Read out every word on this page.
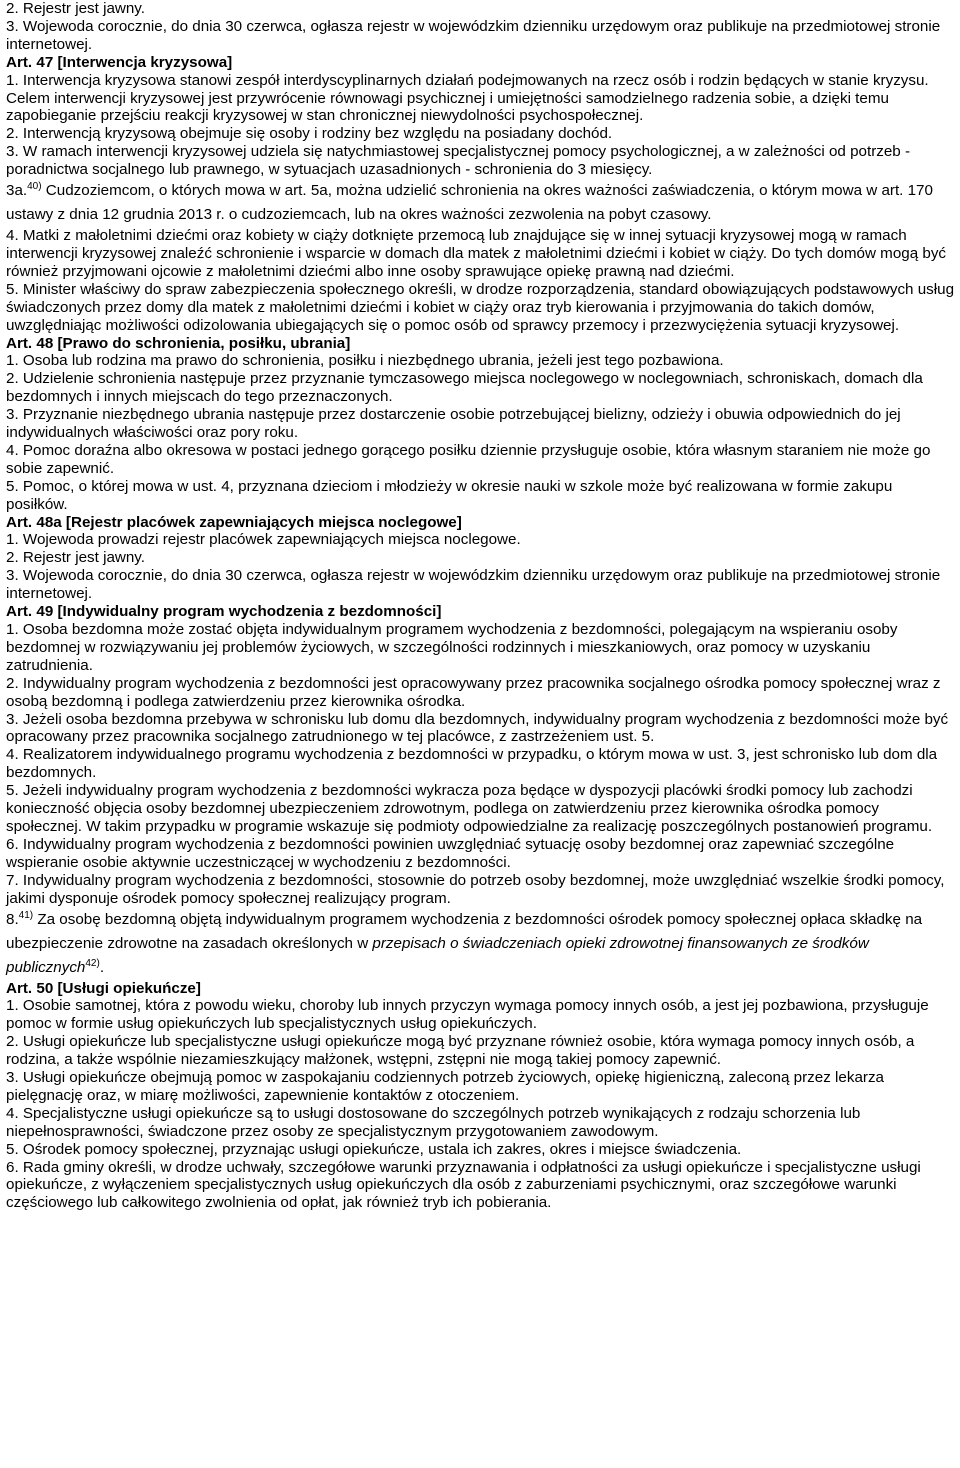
2. Rejestr jest jawny.

3. Wojewoda corocznie, do dnia 30 czerwca, ogłasza rejestr w wojewódzkim dzienniku urzędowym oraz publikuje na przedmiotowej stronie internetowej.

Art. 47 [Interwencja kryzysowa]

1. Interwencja kryzysowa stanowi zespół interdyscyplinarnych działań podejmowanych na rzecz osób i rodzin będących w stanie kryzysu. Celem interwencji kryzysowej jest przywrócenie równowagi psychicznej i umiejętności samodzielnego radzenia sobie, a dzięki temu zapobieganie przejściu reakcji kryzysowej w stan chronicznej niewydolności psychospołecznej.

2. Interwencją kryzysową obejmuje się osoby i rodziny bez względu na posiadany dochód.

3. W ramach interwencji kryzysowej udziela się natychmiastowej specjalistycznej pomocy psychologicznej, a w zależności od potrzeb - poradnictwa socjalnego lub prawnego, w sytuacjach uzasadnionych - schronienia do 3 miesięcy.

3a.$^{40)}$ Cudzoziemcom, o których mowa w art. 5a, można udzielić schronienia na okres ważności zaświadczenia, o którym mowa w art. 170 ustawy z dnia 12 grudnia 2013 r. o cudzoziemcach, lub na okres ważności zezwolenia na pobyt czasowy.

4. Matki z małoletnimi dziećmi oraz kobiety w ciąży dotknięte przemocą lub znajdujące się w innej sytuacji kryzysowej mogą w ramach interwencji kryzysowej znaleźć schronienie i wsparcie w domach dla matek z małoletnimi dziećmi i kobiet w ciąży. Do tych domów mogą być również przyjmowani ojcowie z małoletnimi dziećmi albo inne osoby sprawujące opiekę prawną nad dziećmi.

5. Minister właściwy do spraw zabezpieczenia społecznego określi, w drodze rozporządzenia, standard obowiązujących podstawowych usług świadczonych przez domy dla matek z małoletnimi dziećmi i kobiet w ciąży oraz tryb kierowania i przyjmowania do takich domów, uwzględniając możliwości odizolowania ubiegających się o pomoc osób od sprawcy przemocy i przezwyciężenia sytuacji kryzysowej.

Art. 48 [Prawo do schronienia, posiłku, ubrania]

1. Osoba lub rodzina ma prawo do schronienia, posiłku i niezbędnego ubrania, jeżeli jest tego pozbawiona.

2. Udzielenie schronienia następuje przez przyznanie tymczasowego miejsca noclegowego w noclegowniach, schroniskach, domach dla bezdomnych i innych miejscach do tego przeznaczonych.

3. Przyznanie niezbędnego ubrania następuje przez dostarczenie osobie potrzebującej bielizny, odzieży i obuwia odpowiednich do jej indywidualnych właściwości oraz pory roku.

4. Pomoc doraźna albo okresowa w postaci jednego gorącego posiłku dziennie przysługuje osobie, która własnym staraniem nie może go sobie zapewnić.

5. Pomoc, o której mowa w ust. 4, przyznana dzieciom i młodzieży w okresie nauki w szkole może być realizowana w formie zakupu posiłków.

Art. 48a [Rejestr placówek zapewniających miejsca noclegowe]

1. Wojewoda prowadzi rejestr placówek zapewniających miejsca noclegowe.

2. Rejestr jest jawny.

3. Wojewoda corocznie, do dnia 30 czerwca, ogłasza rejestr w wojewódzkim dzienniku urzędowym oraz publikuje na przedmiotowej stronie internetowej.

Art. 49 [Indywidualny program wychodzenia z bezdomności]

1. Osoba bezdomna może zostać objęta indywidualnym programem wychodzenia z bezdomności, polegającym na wspieraniu osoby bezdomnej w rozwiązywaniu jej problemów życiowych, w szczególności rodzinnych i mieszkaniowych, oraz pomocy w uzyskaniu zatrudnienia.

2. Indywidualny program wychodzenia z bezdomności jest opracowywany przez pracownika socjalnego ośrodka pomocy społecznej wraz z osobą bezdomną i podlega zatwierdzeniu przez kierownika ośrodka.

3. Jeżeli osoba bezdomna przebywa w schronisku lub domu dla bezdomnych, indywidualny program wychodzenia z bezdomności może być opracowany przez pracownika socjalnego zatrudnionego w tej placówce, z zastrzeżeniem ust. 5.

4. Realizatorem indywidualnego programu wychodzenia z bezdomności w przypadku, o którym mowa w ust. 3, jest schronisko lub dom dla bezdomnych.

5. Jeżeli indywidualny program wychodzenia z bezdomności wykracza poza będące w dyspozycji placówki środki pomocy lub zachodzi konieczność objęcia osoby bezdomnej ubezpieczeniem zdrowotnym, podlega on zatwierdzeniu przez kierownika ośrodka pomocy społecznej. W takim przypadku w programie wskazuje się podmioty odpowiedzialne za realizację poszczególnych postanowień programu.

6. Indywidualny program wychodzenia z bezdomności powinien uwzględniać sytuację osoby bezdomnej oraz zapewniać szczególne wspieranie osobie aktywnie uczestniczącej w wychodzeniu z bezdomności.

7. Indywidualny program wychodzenia z bezdomności, stosownie do potrzeb osoby bezdomnej, może uwzględniać wszelkie środki pomocy, jakimi dysponuje ośrodek pomocy społecznej realizujący program.

8.$^{41)}$ Za osobę bezdomną objętą indywidualnym programem wychodzenia z bezdomności ośrodek pomocy społecznej opłaca składkę na ubezpieczenie zdrowotne na zasadach określonych w przepisach o świadczeniach opieki zdrowotnej finansowanych ze środków publicznych$^{42)}$.

Art. 50 [Usługi opiekuńcze]

1. Osobie samotnej, która z powodu wieku, choroby lub innych przyczyn wymaga pomocy innych osób, a jest jej pozbawiona, przysługuje pomoc w formie usług opiekuńczych lub specjalistycznych usług opiekuńczych.

2. Usługi opiekuńcze lub specjalistyczne usługi opiekuńcze mogą być przyznane również osobie, która wymaga pomocy innych osób, a rodzina, a także wspólnie niezamieszkujący małżonek, wstępni, zstępni nie mogą takiej pomocy zapewnić.

3. Usługi opiekuńcze obejmują pomoc w zaspokajaniu codziennych potrzeb życiowych, opiekę higieniczną, zaleconą przez lekarza pielęgnację oraz, w miarę możliwości, zapewnienie kontaktów z otoczeniem.

4. Specjalistyczne usługi opiekuńcze są to usługi dostosowane do szczególnych potrzeb wynikających z rodzaju schorzenia lub niepełnosprawności, świadczone przez osoby ze specjalistycznym przygotowaniem zawodowym.

5. Ośrodek pomocy społecznej, przyznając usługi opiekuńcze, ustala ich zakres, okres i miejsce świadczenia.

6. Rada gminy określi, w drodze uchwały, szczegółowe warunki przyznawania i odpłatności za usługi opiekuńcze i specjalistyczne usługi opiekuńcze, z wyłączeniem specjalistycznych usług opiekuńczych dla osób z zaburzeniami psychicznymi, oraz szczegółowe warunki częściowego lub całkowitego zwolnienia od opłat, jak również tryb ich pobierania.
